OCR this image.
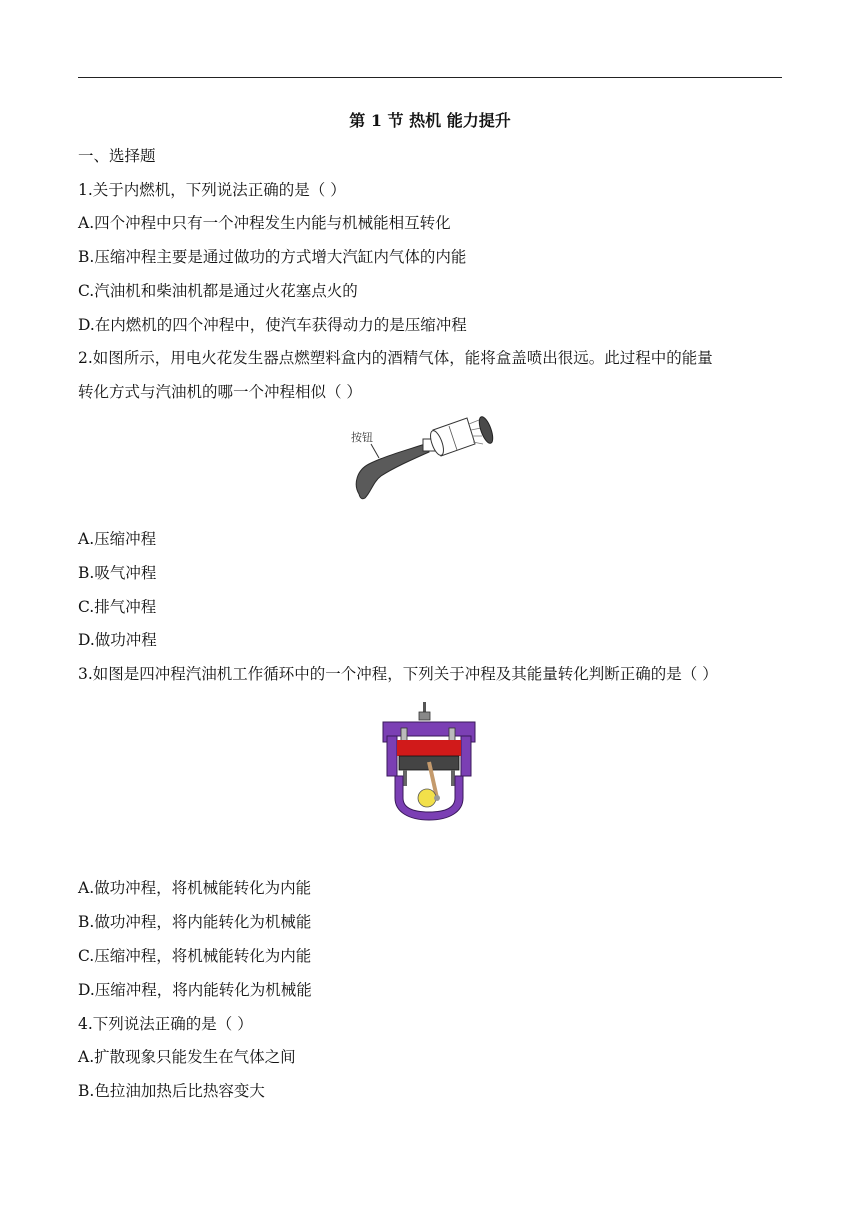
第 1 节 热机 能力提升
一、选择题
1.关于内燃机，下列说法正确的是（ ）
A.四个冲程中只有一个冲程发生内能与机械能相互转化
B.压缩冲程主要是通过做功的方式增大汽缸内气体的内能
C.汽油机和柴油机都是通过火花塞点火的
D.在内燃机的四个冲程中，使汽车获得动力的是压缩冲程
2.如图所示，用电火花发生器点燃塑料盒内的酒精气体，能将盒盖喷出很远。此过程中的能量
转化方式与汽油机的哪一个冲程相似（ ）
按钮
A.压缩冲程
B.吸气冲程
C.排气冲程
D.做功冲程
3.如图是四冲程汽油机工作循环中的一个冲程，下列关于冲程及其能量转化判断正确的是（ ）
A.做功冲程，将机械能转化为内能
B.做功冲程，将内能转化为机械能
C.压缩冲程，将机械能转化为内能
D.压缩冲程，将内能转化为机械能
4.下列说法正确的是（ ）
A.扩散现象只能发生在气体之间
B.色拉油加热后比热容变大
